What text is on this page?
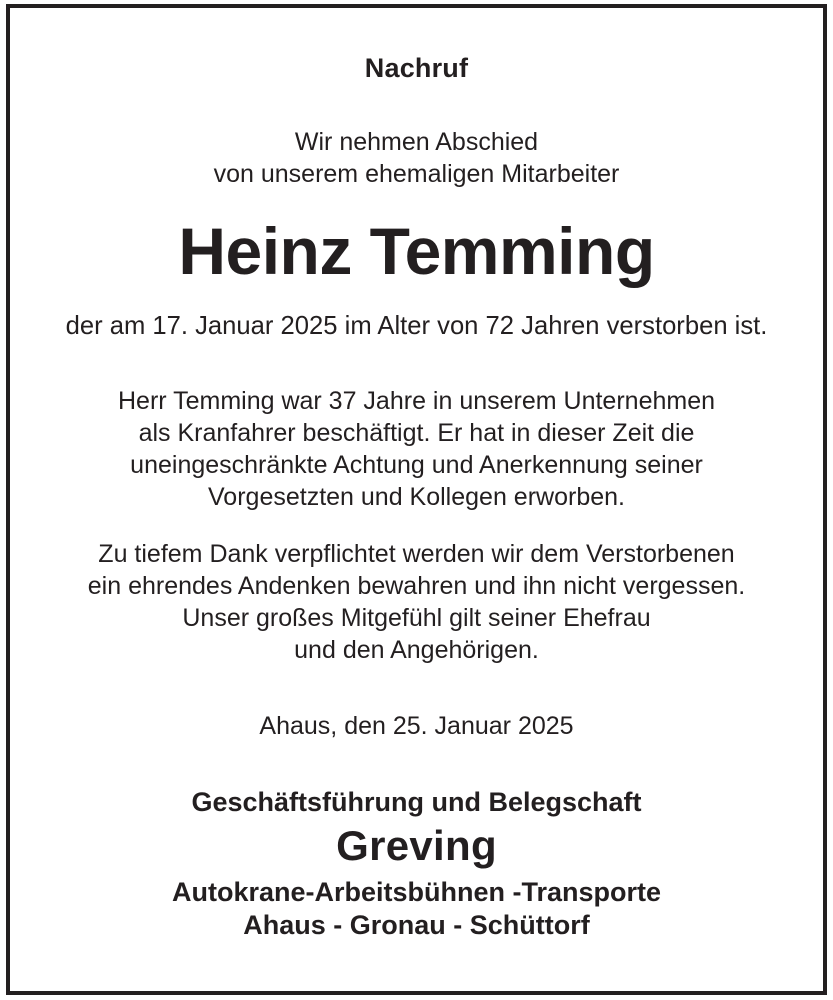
Nachruf
Wir nehmen Abschied
von unserem ehemaligen Mitarbeiter
Heinz Temming
der am 17. Januar 2025 im Alter von 72 Jahren verstorben ist.
Herr Temming war 37 Jahre in unserem Unternehmen
als Kranfahrer beschäftigt. Er hat in dieser Zeit die
uneingeschränkte Achtung und Anerkennung seiner
Vorgesetzten und Kollegen erworben.
Zu tiefem Dank verpflichtet werden wir dem Verstorbenen
ein ehrendes Andenken bewahren und ihn nicht vergessen.
Unser großes Mitgefühl gilt seiner Ehefrau
und den Angehörigen.
Ahaus, den 25. Januar 2025
Geschäftsführung und Belegschaft
Greving
Autokrane-Arbeitsbühnen -Transporte
Ahaus - Gronau - Schüttorf
